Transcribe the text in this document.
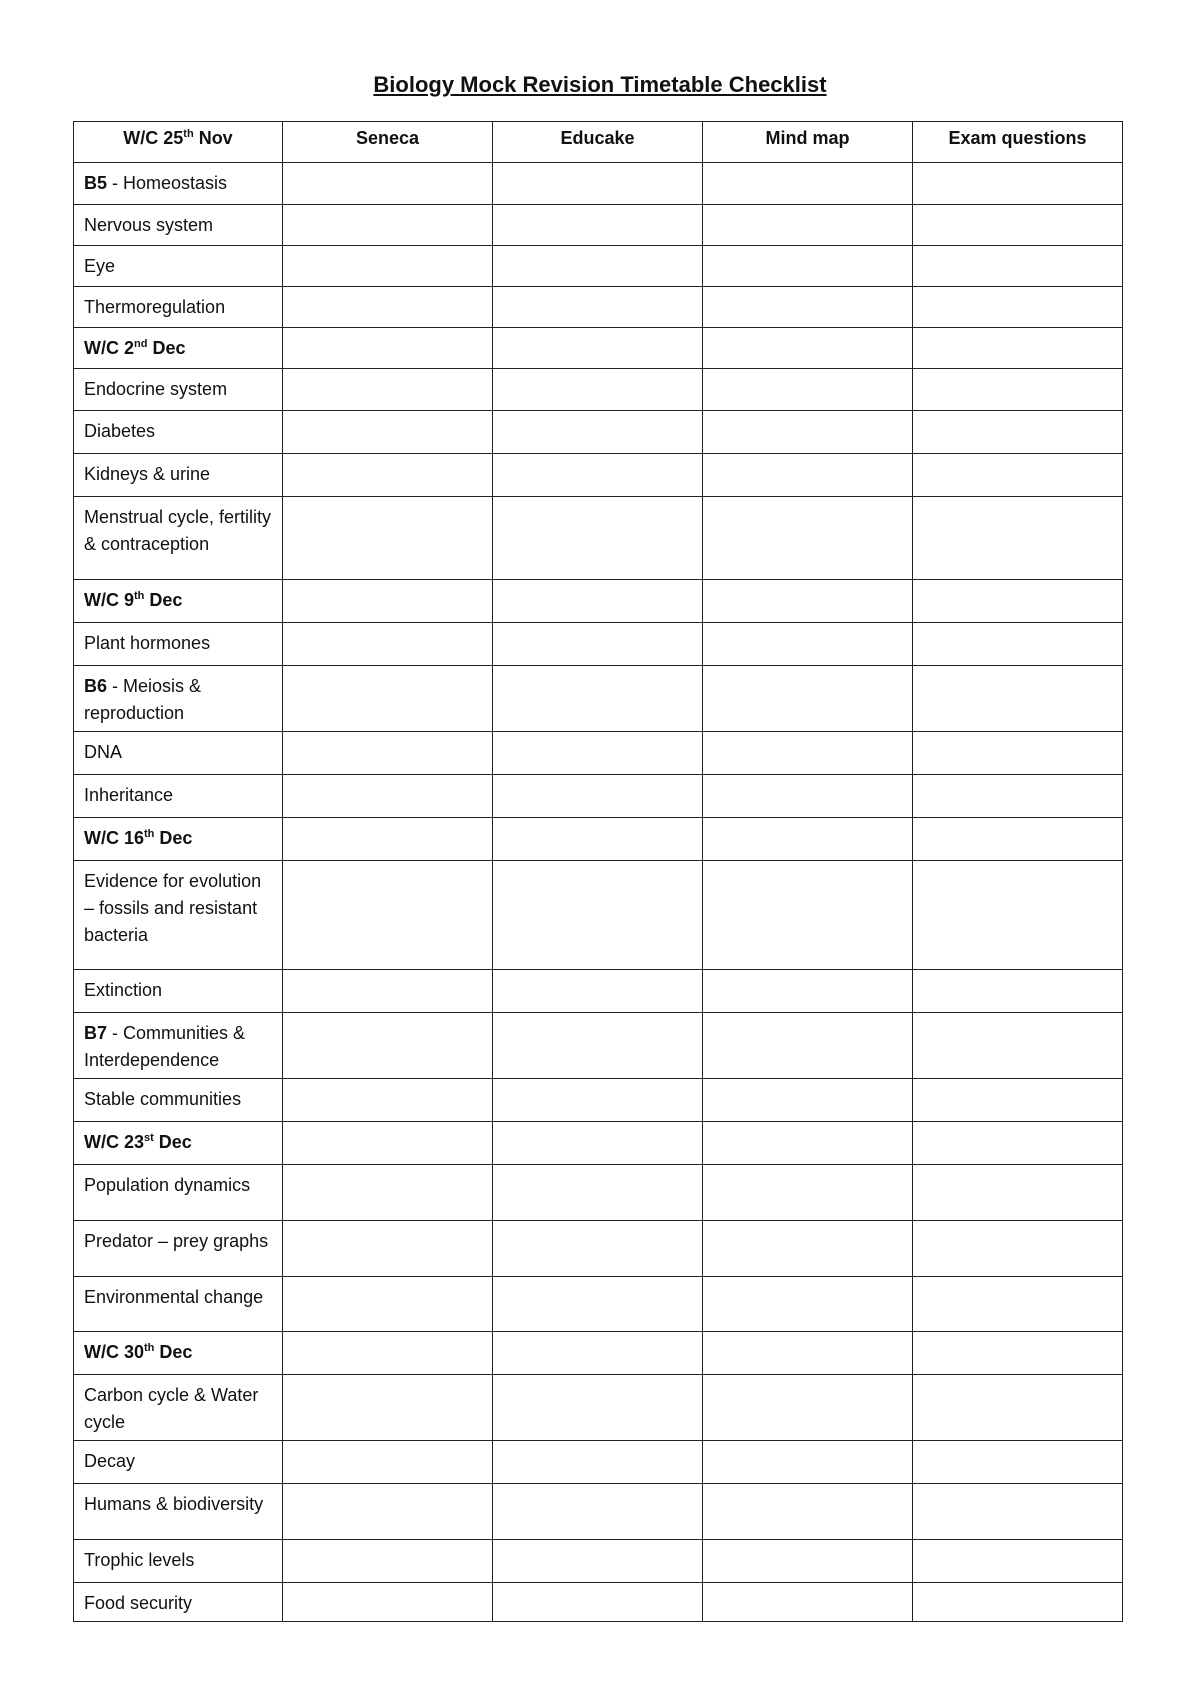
Biology Mock Revision Timetable Checklist
W/C 25th Nov	Seneca	Educake	Mind map	Exam questions
B5 - Homeostasis				
Nervous system				
Eye				
Thermoregulation				
W/C 2nd Dec				
Endocrine system				
Diabetes				
Kidneys & urine				
Menstrual cycle, fertility & contraception				
W/C 9th Dec				
Plant hormones				
B6 - Meiosis & reproduction				
DNA				
Inheritance				
W/C 16th Dec				
Evidence for evolution – fossils and resistant bacteria				
Extinction				
B7 - Communities & Interdependence				
Stable communities				
W/C 23st Dec				
Population dynamics				
Predator – prey graphs				
Environmental change				
W/C 30th Dec				
Carbon cycle & Water cycle				
Decay				
Humans & biodiversity				
Trophic levels				
Food security				
